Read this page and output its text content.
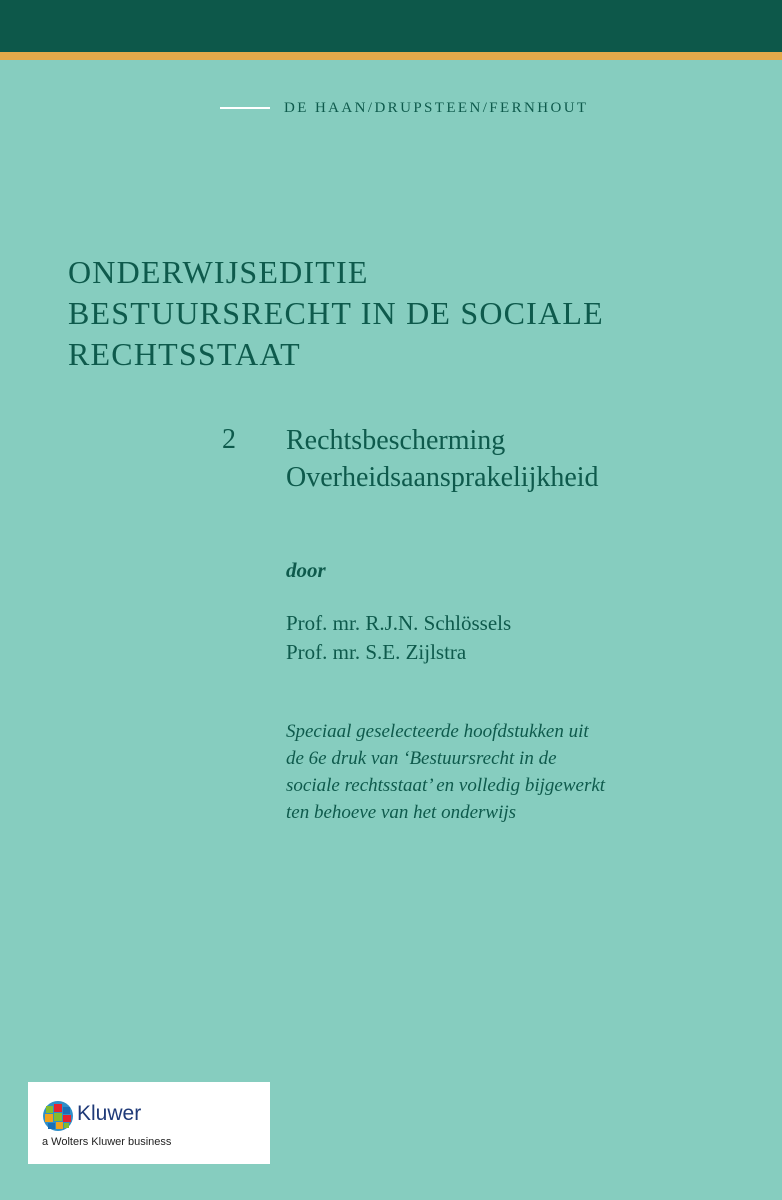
DE HAAN/DRUPSTEEN/FERNHOUT
ONDERWIJSEDITIE
BESTUURSRECHT IN DE SOCIALE
RECHTSSTAAT
2 Rechtsbescherming
Overheidsaansprakelijkheid
door
Prof. mr. R.J.N. Schlössels
Prof. mr. S.E. Zijlstra
Speciaal geselecteerde hoofdstukken uit
de 6e druk van ‘Bestuursrecht in de
sociale rechtsstaat’ en volledig bijgewerkt
ten behoeve van het onderwijs
Kluwer
a Wolters Kluwer business
